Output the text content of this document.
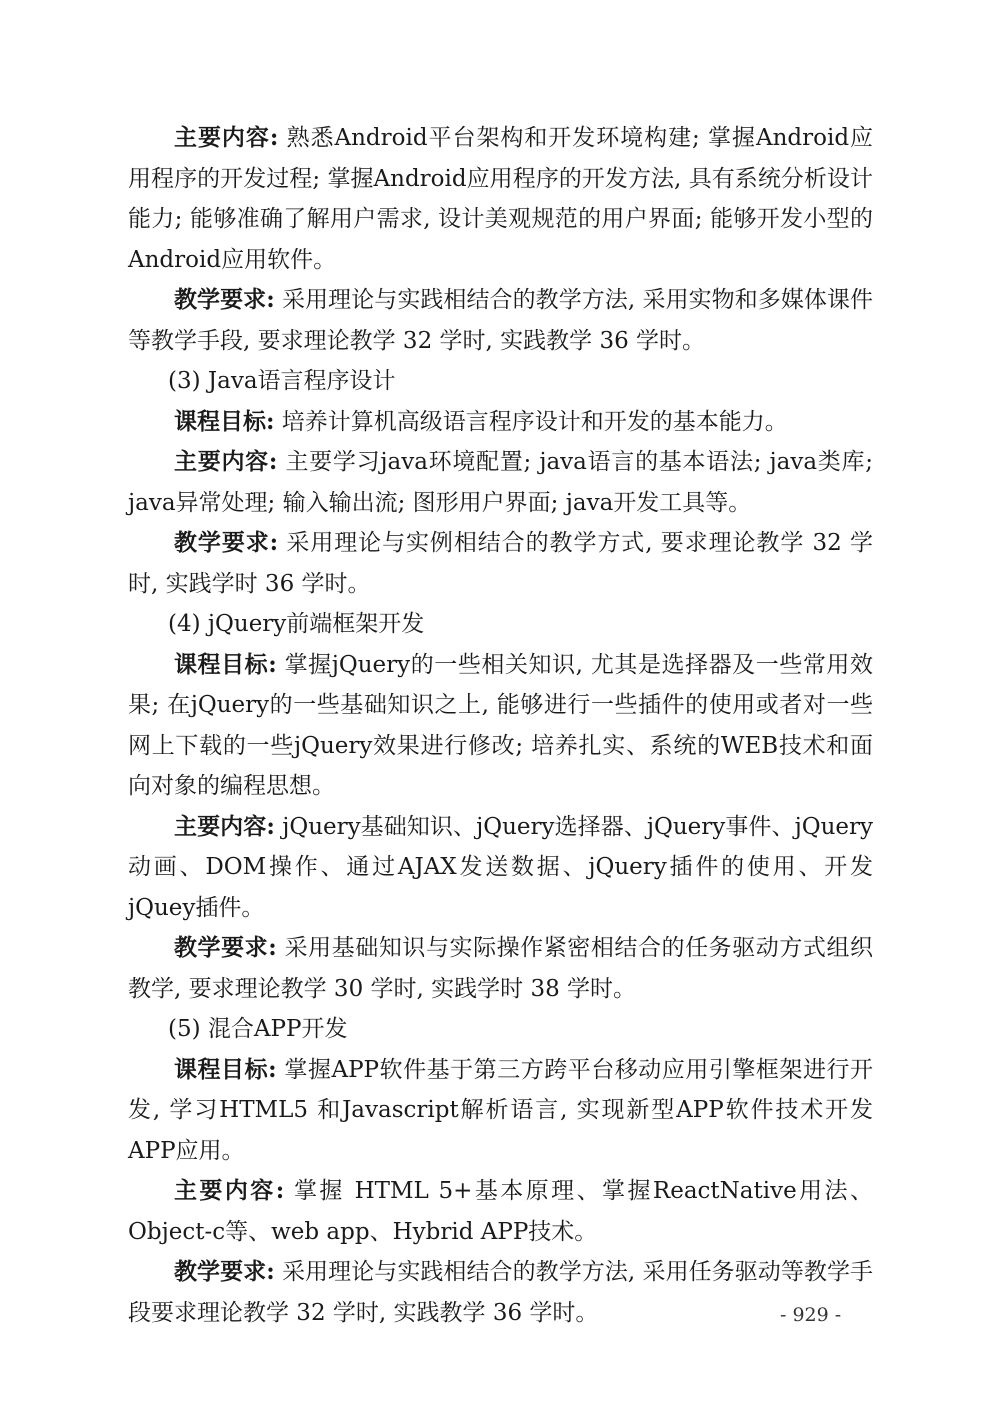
主要内容: 熟悉Android平台架构和开发环境构建; 掌握Android应用程序的开发过程; 掌握Android应用程序的开发方法, 具有系统分析设计能力; 能够准确了解用户需求, 设计美观规范的用户界面; 能够开发小型的Android应用软件。

教学要求: 采用理论与实践相结合的教学方法, 采用实物和多媒体课件等教学手段, 要求理论教学 32 学时, 实践教学 36 学时。

(3) Java语言程序设计

课程目标: 培养计算机高级语言程序设计和开发的基本能力。

主要内容: 主要学习java环境配置; java语言的基本语法; java类库; java异常处理; 输入输出流; 图形用户界面; java开发工具等。

教学要求: 采用理论与实例相结合的教学方式, 要求理论教学 32 学时, 实践学时 36 学时。

(4) jQuery前端框架开发

课程目标: 掌握jQuery的一些相关知识, 尤其是选择器及一些常用效果; 在jQuery的一些基础知识之上, 能够进行一些插件的使用或者对一些网上下载的一些jQuery效果进行修改; 培养扎实、系统的WEB技术和面向对象的编程思想。

主要内容: jQuery基础知识、jQuery选择器、jQuery事件、jQuery动画、DOM操作、通过AJAX发送数据、jQuery插件的使用、开发jQuey插件。

教学要求: 采用基础知识与实际操作紧密相结合的任务驱动方式组织教学, 要求理论教学 30 学时, 实践学时 38 学时。

(5) 混合APP开发

课程目标: 掌握APP软件基于第三方跨平台移动应用引擎框架进行开发, 学习HTML5 和Javascript解析语言, 实现新型APP软件技术开发APP应用。

主要内容: 掌握 HTML 5+基本原理、掌握ReactNative用法、Object-c等、web app、Hybrid APP技术。

教学要求: 采用理论与实践相结合的教学方法, 采用任务驱动等教学手段要求理论教学 32 学时, 实践教学 36 学时。	- 929 -
